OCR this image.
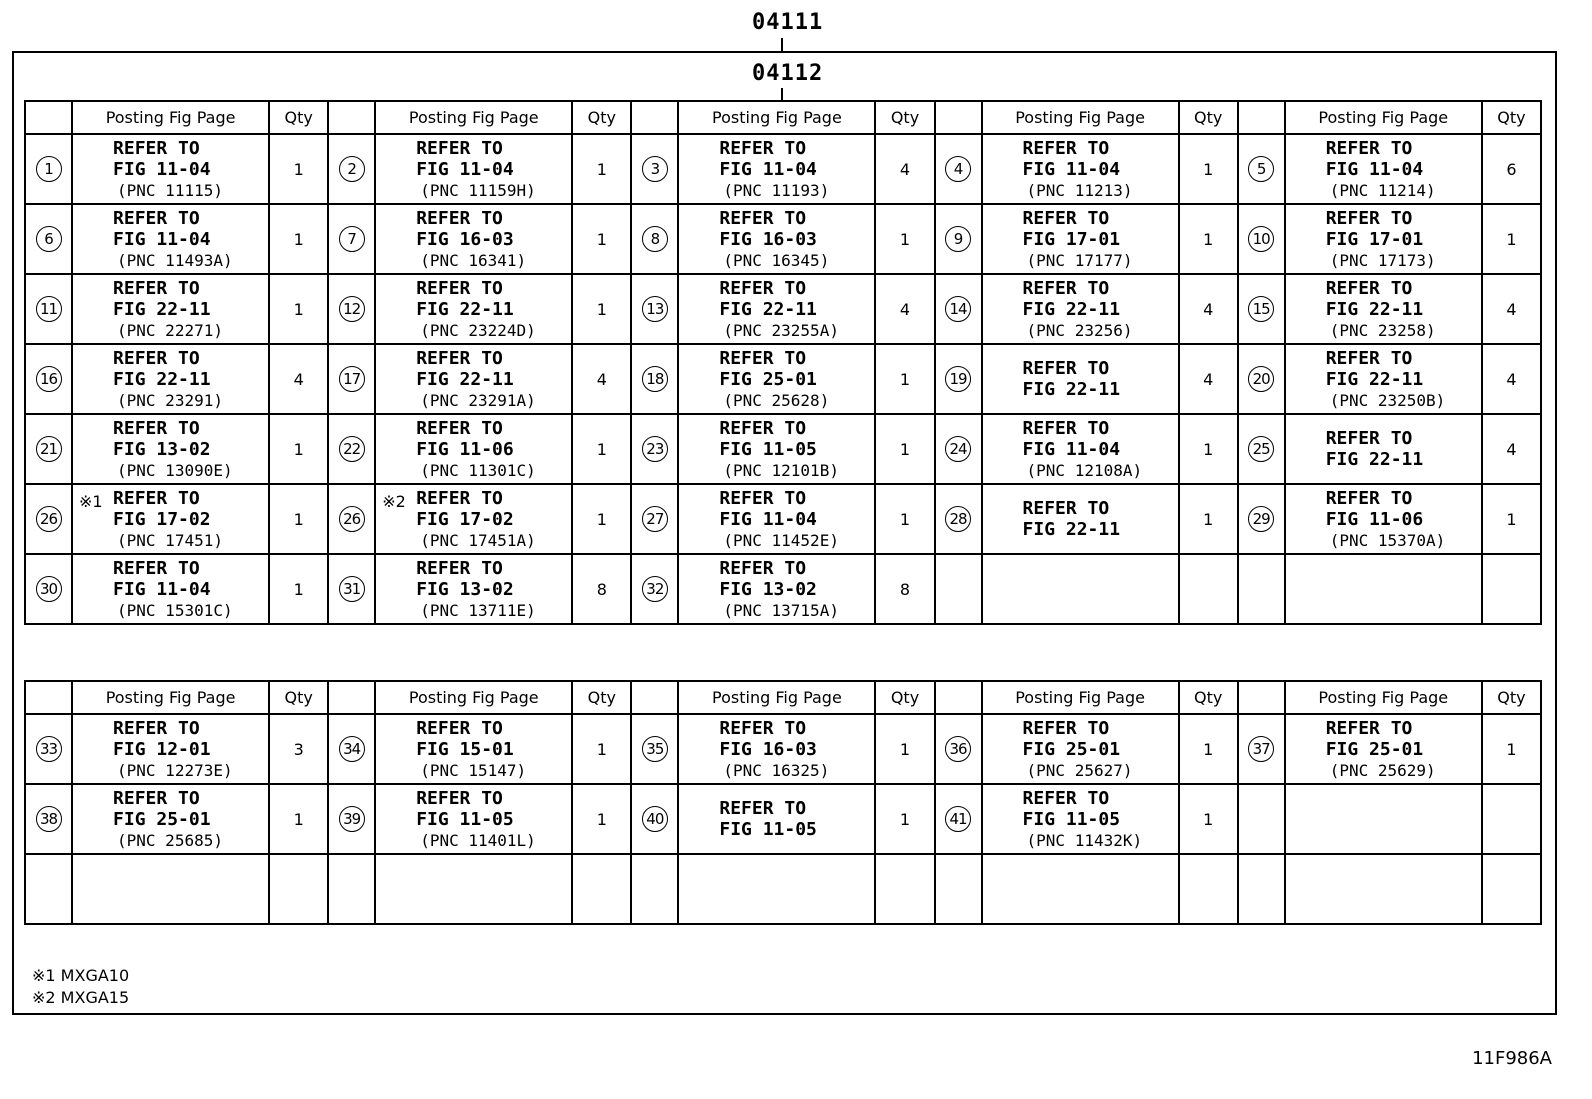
04111
04112
	Posting Fig Page	Qty		Posting Fig Page	Qty		Posting Fig Page	Qty		Posting Fig Page	Qty		Posting Fig Page	Qty
1	REFER TO
FIG 11-04
(PNC 11115)	1	2	REFER TO
FIG 11-04
(PNC 11159H)	1	3	REFER TO
FIG 11-04
(PNC 11193)	4	4	REFER TO
FIG 11-04
(PNC 11213)	1	5	REFER TO
FIG 11-04
(PNC 11214)	6
6	REFER TO
FIG 11-04
(PNC 11493A)	1	7	REFER TO
FIG 16-03
(PNC 16341)	1	8	REFER TO
FIG 16-03
(PNC 16345)	1	9	REFER TO
FIG 17-01
(PNC 17177)	1	10	REFER TO
FIG 17-01
(PNC 17173)	1
11	REFER TO
FIG 22-11
(PNC 22271)	1	12	REFER TO
FIG 22-11
(PNC 23224D)	1	13	REFER TO
FIG 22-11
(PNC 23255A)	4	14	REFER TO
FIG 22-11
(PNC 23256)	4	15	REFER TO
FIG 22-11
(PNC 23258)	4
16	REFER TO
FIG 22-11
(PNC 23291)	4	17	REFER TO
FIG 22-11
(PNC 23291A)	4	18	REFER TO
FIG 25-01
(PNC 25628)	1	19	REFER TO
FIG 22-11	4	20	REFER TO
FIG 22-11
(PNC 23250B)	4
21	REFER TO
FIG 13-02
(PNC 13090E)	1	22	REFER TO
FIG 11-06
(PNC 11301C)	1	23	REFER TO
FIG 11-05
(PNC 12101B)	1	24	REFER TO
FIG 11-04
(PNC 12108A)	1	25	REFER TO
FIG 22-11	4
26	※1 REFER TO
FIG 17-02
(PNC 17451)	1	26	※2 REFER TO
FIG 17-02
(PNC 17451A)	1	27	REFER TO
FIG 11-04
(PNC 11452E)	1	28	REFER TO
FIG 22-11	1	29	REFER TO
FIG 11-06
(PNC 15370A)	1
30	REFER TO
FIG 11-04
(PNC 15301C)	1	31	REFER TO
FIG 13-02
(PNC 13711E)	8	32	REFER TO
FIG 13-02
(PNC 13715A)	8						
	Posting Fig Page	Qty		Posting Fig Page	Qty		Posting Fig Page	Qty		Posting Fig Page	Qty		Posting Fig Page	Qty
33	REFER TO
FIG 12-01
(PNC 12273E)	3	34	REFER TO
FIG 15-01
(PNC 15147)	1	35	REFER TO
FIG 16-03
(PNC 16325)	1	36	REFER TO
FIG 25-01
(PNC 25627)	1	37	REFER TO
FIG 25-01
(PNC 25629)	1
38	REFER TO
FIG 25-01
(PNC 25685)	1	39	REFER TO
FIG 11-05
(PNC 11401L)	1	40	REFER TO
FIG 11-05	1	41	REFER TO
FIG 11-05
(PNC 11432K)	1			

※1 MXGA10
※2 MXGA15
11F986A
